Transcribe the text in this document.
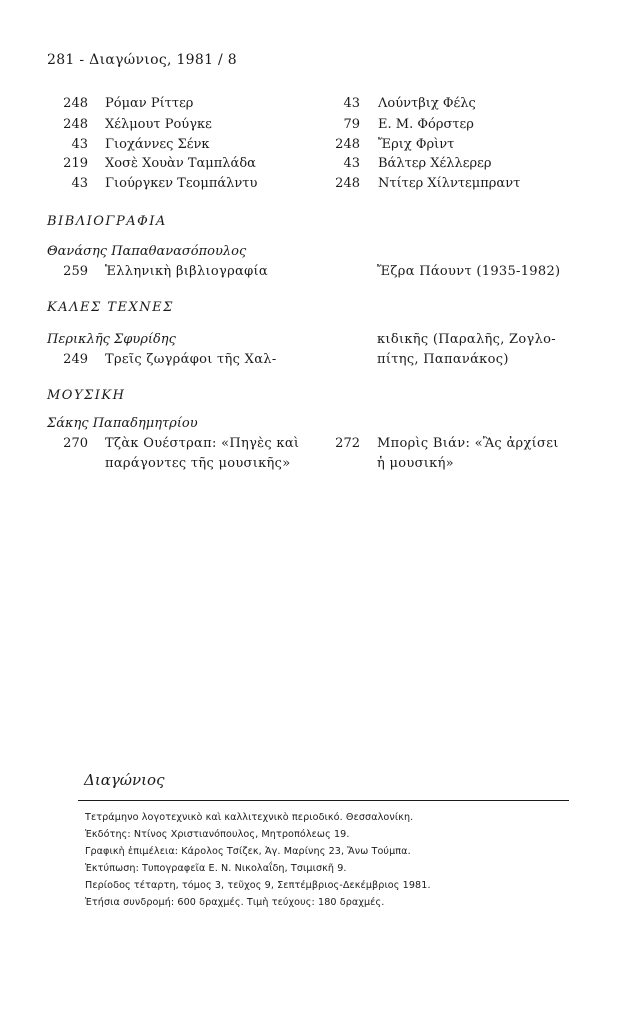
281 - Διαγώνιος, 1981 / 8
248 Ρόμαν Ρίττερ
248 Χέλμουτ Ρούγκε
43 Γιοχάννες Σένκ
219 Χοσὲ Χουὰν Ταμπλάδα
43 Γιούργκεν Τεομπάλντυ
43 Λούντβιχ Φέλς
79 Ε. Μ. Φόρστερ
248 Ἔριχ Φρὶντ
43 Βάλτερ Χέλλερερ
248 Ντίτερ Χίλντεμπραντ
ΒΙΒΛΙΟΓΡΑΦΙΑ
Θανάσης Παπαθανασόπουλος
259 Ἑλληνικὴ βιβλιογραφία	Ἔζρα Πάουντ (1935-1982)
ΚΑΛΕΣ ΤΕΧΝΕΣ
Περικλῆς Σφυρίδης
249 Τρεῖς ζωγράφοι τῆς Χαλ-
κιδικῆς (Παραλῆς, Ζογλο-
πίτης, Παπανάκος)
ΜΟΥΣΙΚΗ
Σάκης Παπαδημητρίου
270 Τζὰκ Ουέστραπ: «Πηγὲς καὶ
παράγοντες τῆς μουσικῆς»
272 Μπορὶς Βιάν: «Ἂς ἀρχίσει
ἡ μουσική»
Διαγώνιος
Τετράμηνο λογοτεχνικὸ καὶ καλλιτεχνικὸ περιοδικό. Θεσσαλονίκη.
Ἐκδότης: Ντίνος Χριστιανόπουλος, Μητροπόλεως 19.
Γραφικὴ ἐπιμέλεια: Κάρολος Τσίζεκ, Ἁγ. Μαρίνης 23, Ἄνω Τούμπα.
Ἐκτύπωση: Τυπογραφεῖα Ε. Ν. Νικολαΐδη, Τσιμισκῆ 9.
Περίοδος τέταρτη, τόμος 3, τεῦχος 9, Σεπτέμβριος-Δεκέμβριος 1981.
Ἐτήσια συνδρομή: 600 δραχμές. Τιμὴ τεύχους: 180 δραχμές.
